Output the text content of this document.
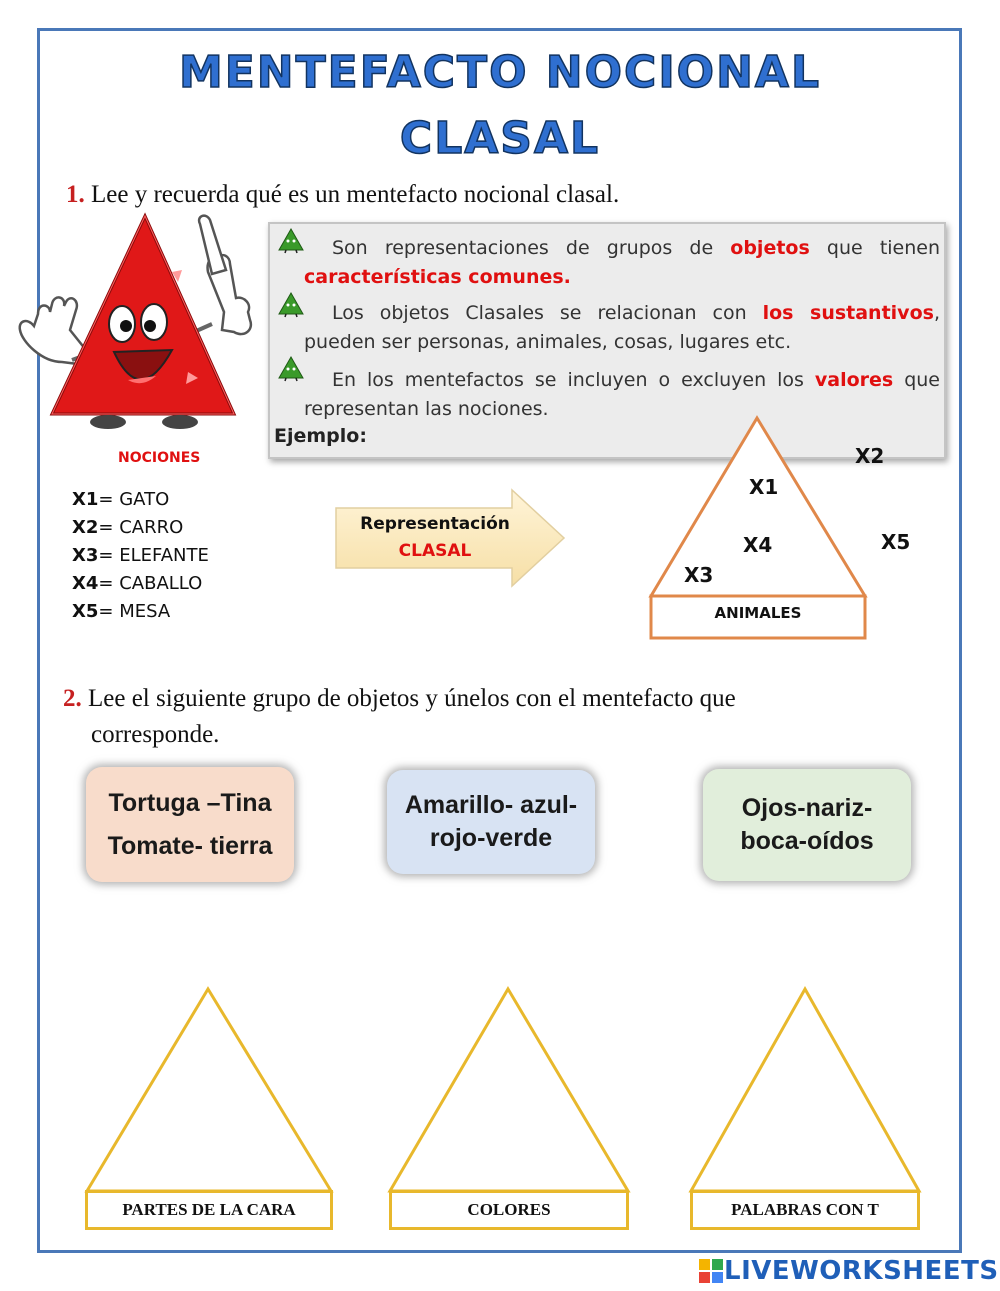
MENTEFACTO NOCIONAL
CLASAL
1. Lee y recuerda qué es un mentefacto nocional clasal.
Son representaciones de grupos de objetos que tienen características comunes.
Los objetos Clasales se relacionan con los sustantivos, pueden ser personas, animales, cosas, lugares etc.
En los mentefactos se incluyen o excluyen los valores que representan las nociones.
Ejemplo:
NOCIONES
X1= GATO
X2= CARRO
X3= ELEFANTE
X4= CABALLO
X5= MESA
Representación
CLASAL
X1
X4
X3
X2
X5
ANIMALES
2. Lee el siguiente grupo de objetos y únelos con el mentefacto que
corresponde.
Tortuga –Tina
Tomate- tierra
Amarillo- azul-
rojo-verde
Ojos-nariz-
boca-oídos
PARTES DE LA CARA	COLORES	PALABRAS CON T
LIVEWORKSHEETS
